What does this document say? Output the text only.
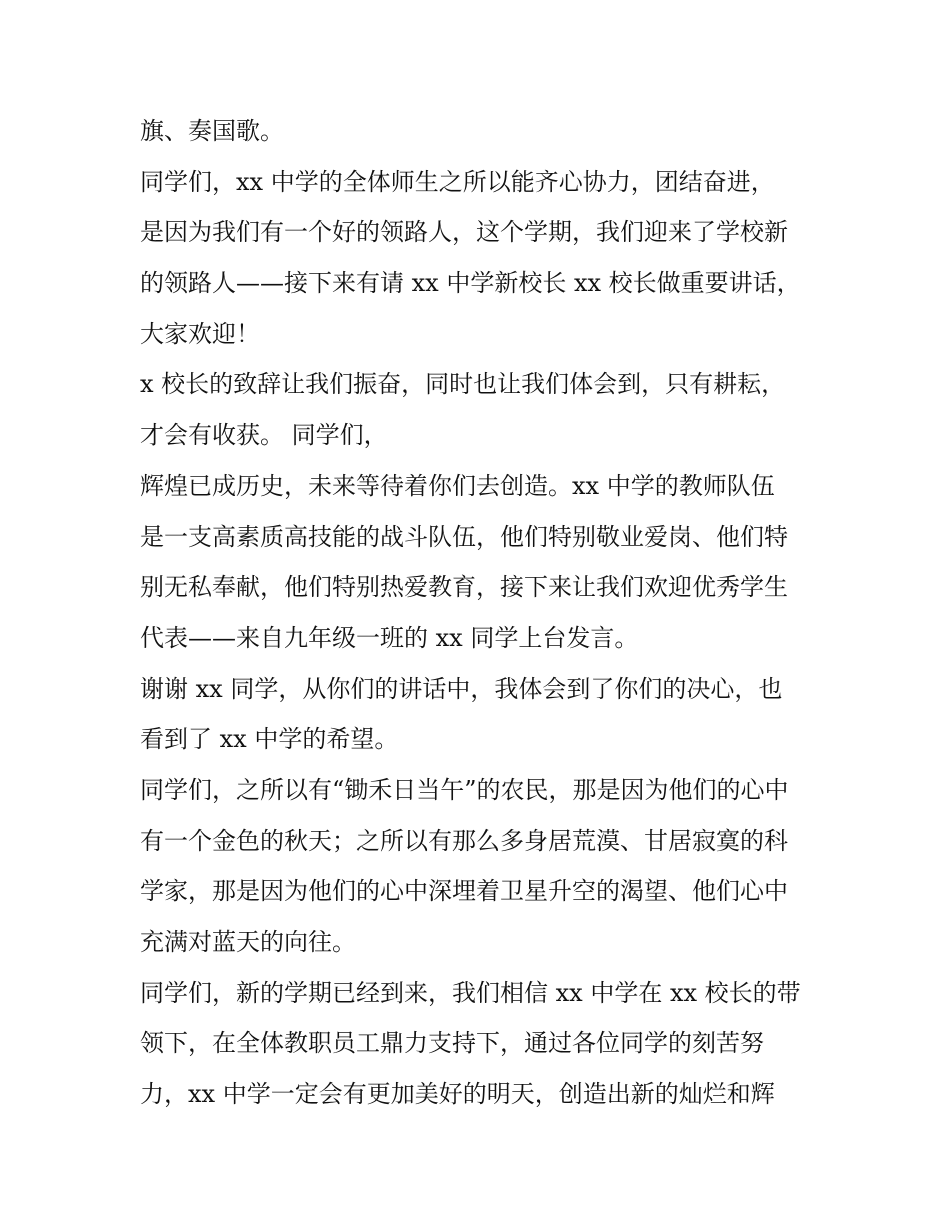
旗、奏国歌。
同学们，xx 中学的全体师生之所以能齐心协力，团结奋进，
是因为我们有一个好的领路人，这个学期，我们迎来了学校新
的领路人——接下来有请 xx 中学新校长 xx 校长做重要讲话，
大家欢迎！
x 校长的致辞让我们振奋，同时也让我们体会到，只有耕耘，
才会有收获。 同学们，
辉煌已成历史，未来等待着你们去创造。xx 中学的教师队伍
是一支高素质高技能的战斗队伍，他们特别敬业爱岗、他们特
别无私奉献，他们特别热爱教育，接下来让我们欢迎优秀学生
代表——来自九年级一班的 xx 同学上台发言。
谢谢 xx 同学，从你们的讲话中，我体会到了你们的决心，也
看到了 xx 中学的希望。
同学们，之所以有“锄禾日当午”的农民，那是因为他们的心中
有一个金色的秋天；之所以有那么多身居荒漠、甘居寂寞的科
学家，那是因为他们的心中深埋着卫星升空的渴望、他们心中
充满对蓝天的向往。
同学们，新的学期已经到来，我们相信 xx 中学在 xx 校长的带
领下，在全体教职员工鼎力支持下，通过各位同学的刻苦努
力，xx 中学一定会有更加美好的明天，创造出新的灿烂和辉
